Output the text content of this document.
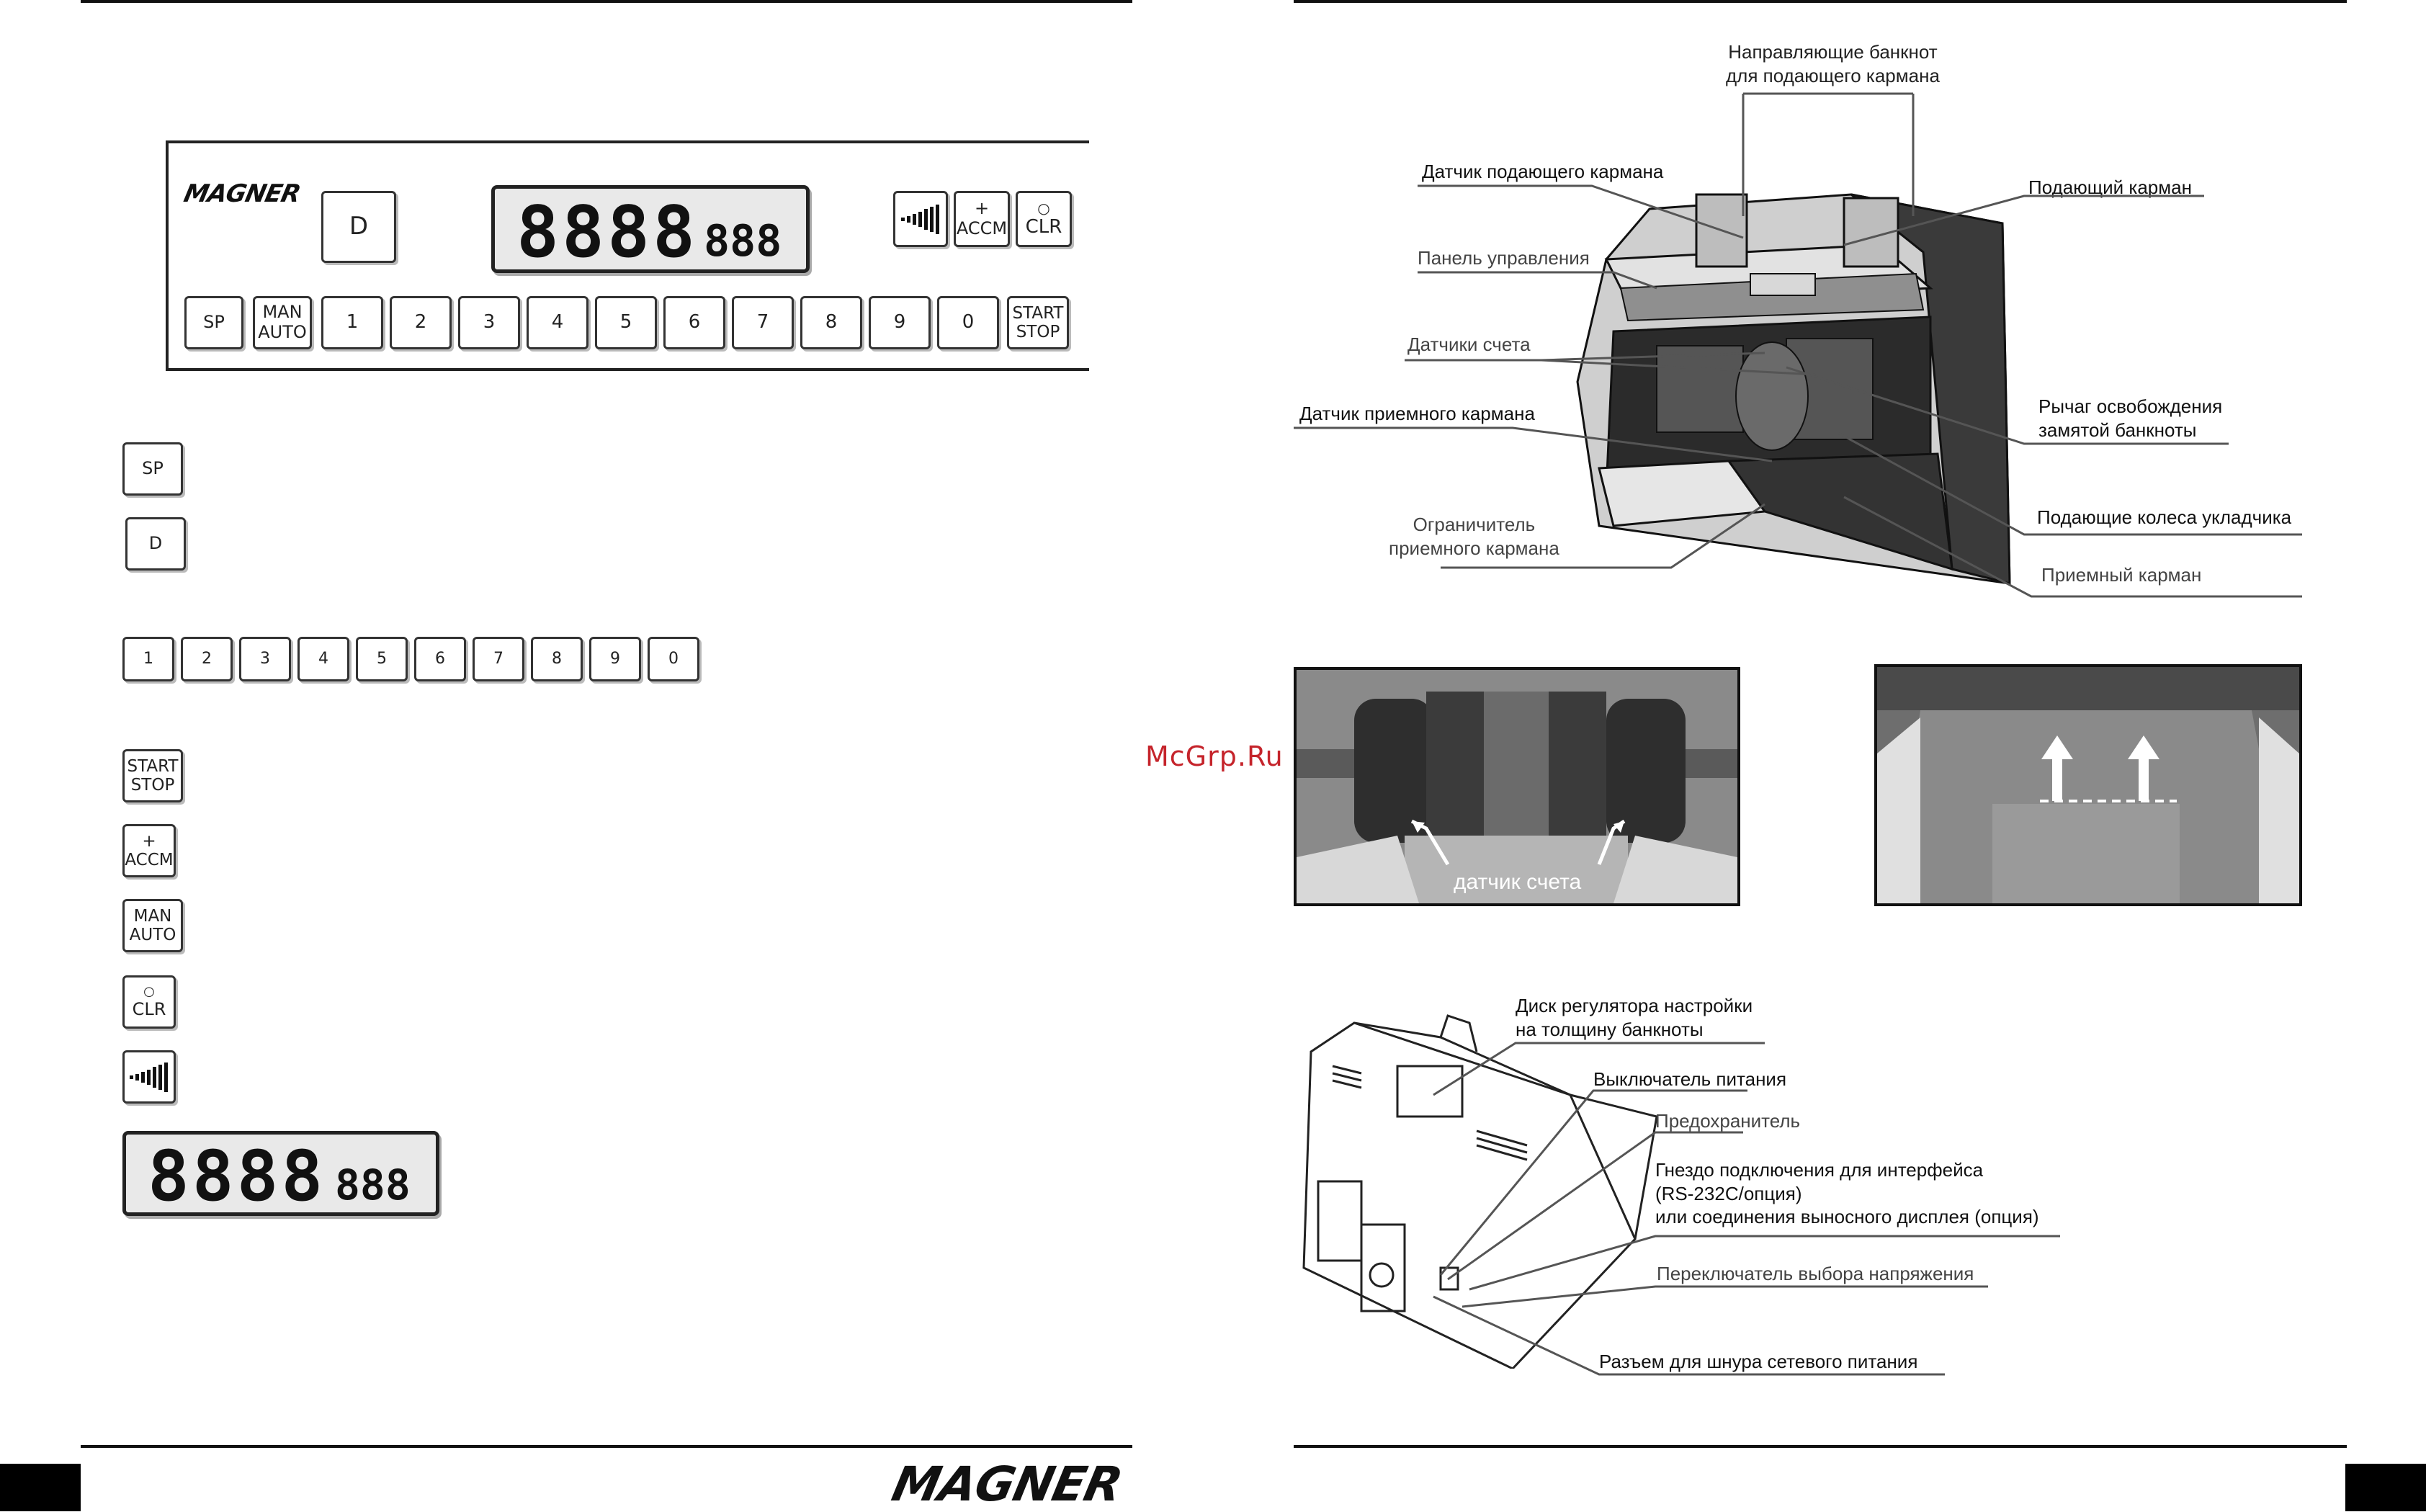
MAGNER
D 8888 888
+
ACCM
○
CLR
SP MAN
AUTO 1	2	3	4	5	6	7	8	9	0 START
STOP
SP
D
1	2	3	4	5	6	7	8	9	0
START
STOP
+
ACCM
MAN
AUTO
○
CLR
8888 888
MAGNER
Направляющие банкнот
для подающего кармана
Датчик подающего кармана
Подающий карман
Панель управления
Датчики счета
Рычаг освобождения
замятой банкноты
Датчик приемного кармана
Подающие колеса укладчика
Ограничитель
приемного кармана
Приемный карман
датчик счета
McGrp.Ru
Диск регулятора настройки
на толщину банкноты
Выключатель питания
Предохранитель
Гнездо подключения для интерфейса
(RS-232C/опция)
или соединения выносного дисплея (опция)
Переключатель выбора напряжения
Разъем для шнура сетевого питания
